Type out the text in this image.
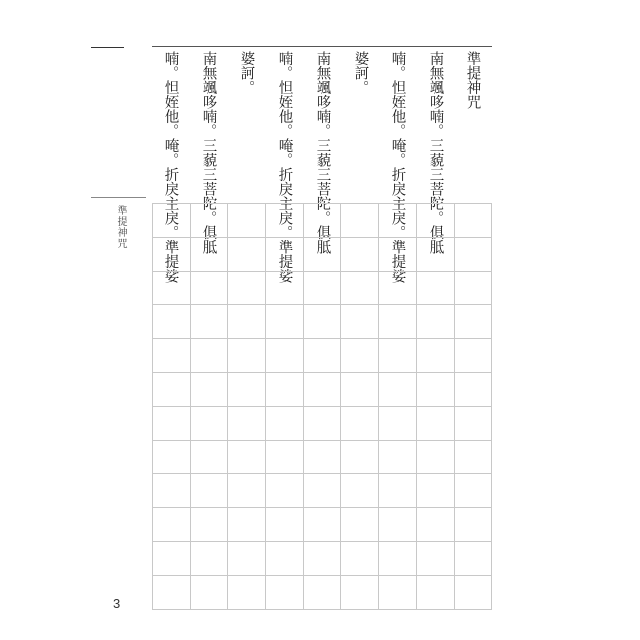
準提神咒
南無颯哆喃。三藐三菩陀。俱胝
喃。怛姪他。唵。折戾主戾。準提娑
婆訶。
南無颯哆喃。三藐三菩陀。俱胝
喃。怛姪他。唵。折戾主戾。準提娑
婆訶。
南無颯哆喃。三藐三菩陀。俱胝
喃。怛姪他。唵。折戾主戾。準提娑
準提神咒
3
